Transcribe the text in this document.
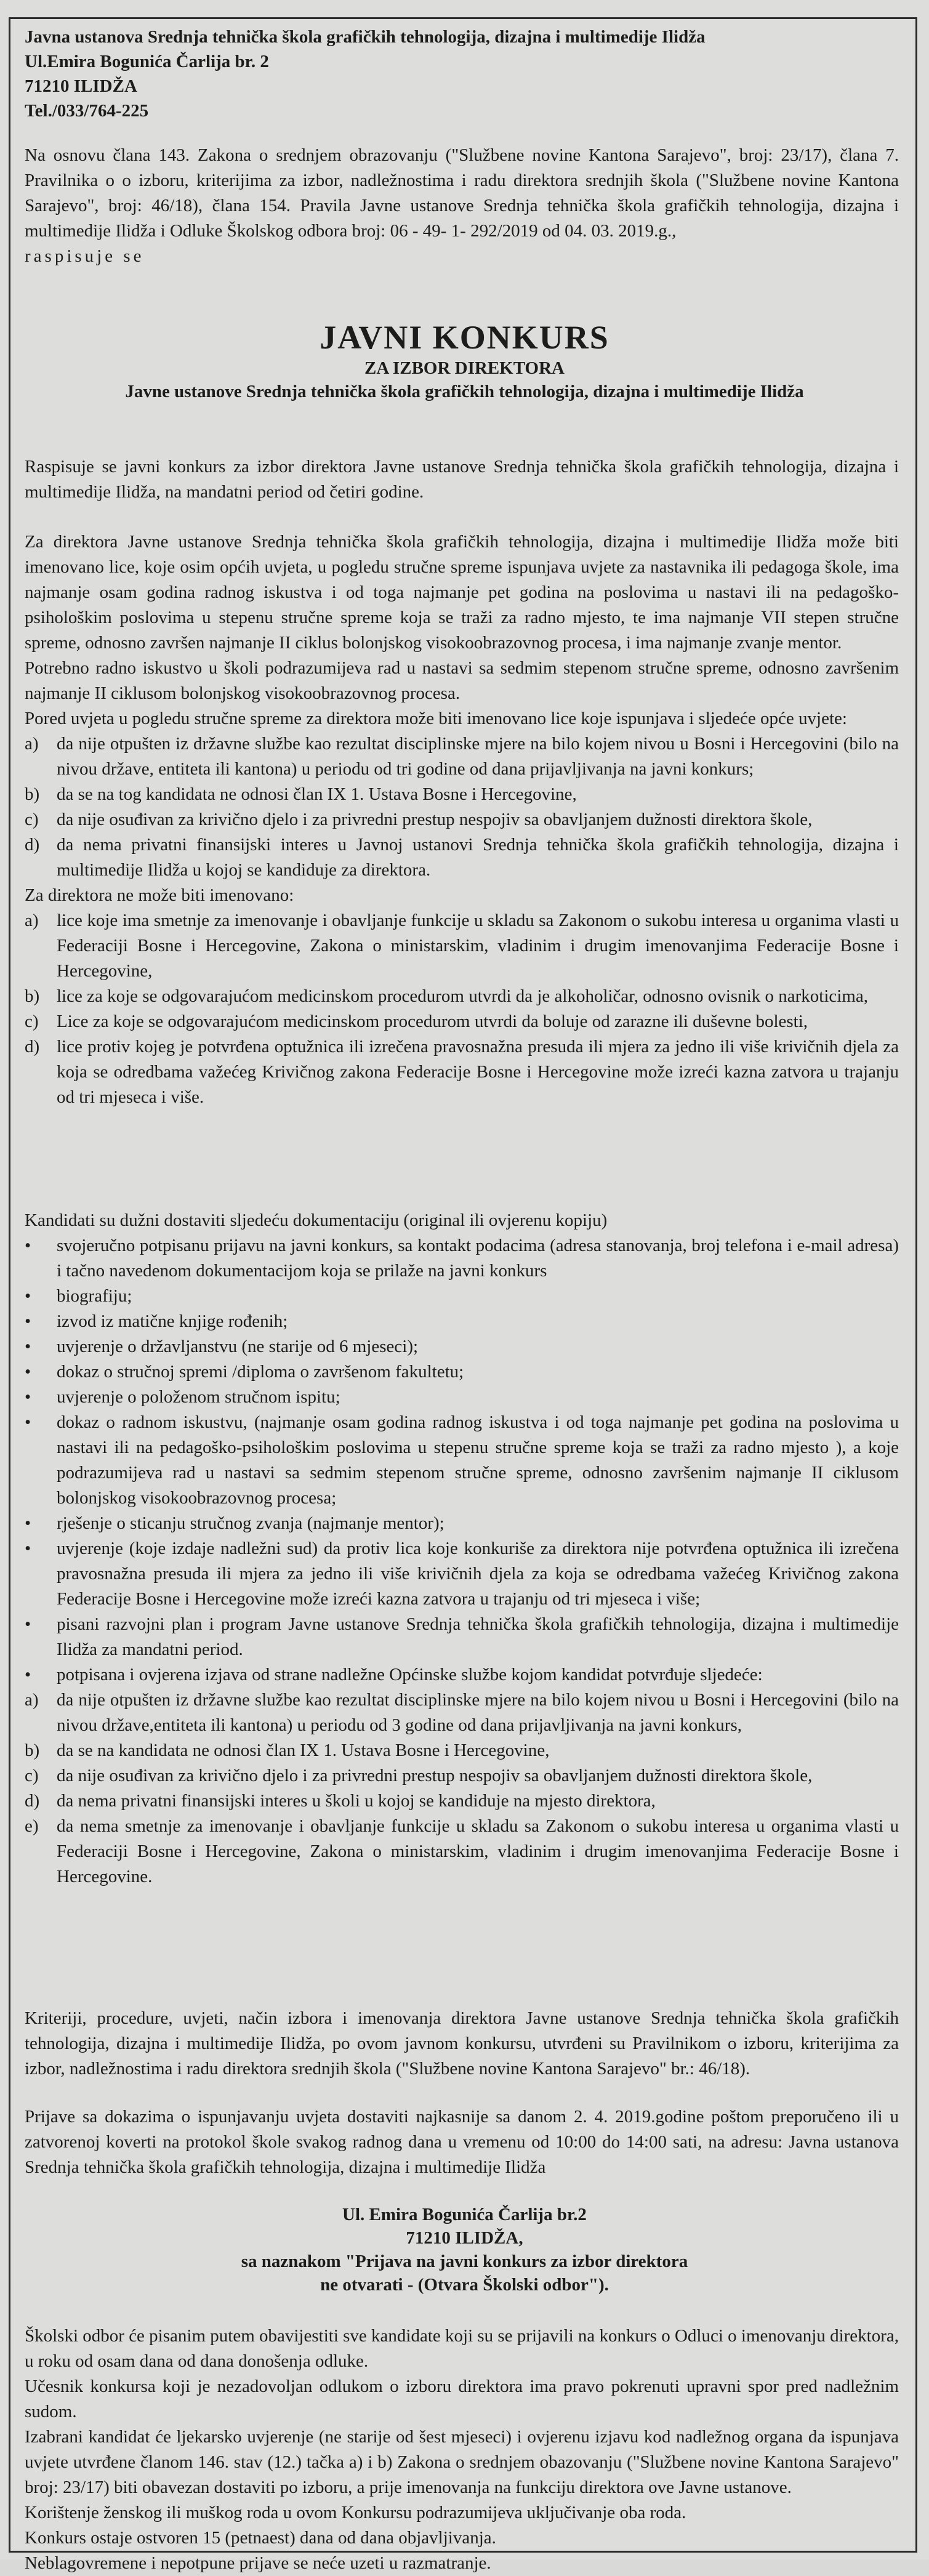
Javna ustanova Srednja tehnička škola grafičkih tehnologija, dizajna i multimedije Ilidža
Ul.Emira Bogunića Čarlija br. 2
71210 ILIDŽA
Tel./033/764-225

Na osnovu člana 143. Zakona o srednjem obrazovanju ("Službene novine Kantona Sarajevo", broj: 23/17), člana 7. Pravilnika o o izboru, kriterijima za izbor, nadležnostima i radu direktora srednjih škola ("Službene novine Kantona Sarajevo", broj: 46/18), člana 154. Pravila Javne ustanove Srednja tehnička škola grafičkih tehnologija, dizajna i multimedije Ilidža i Odluke Školskog odbora broj: 06 - 49- 1- 292/2019 od 04. 03. 2019.g.,

raspisuje se

JAVNI KONKURS
ZA IZBOR DIREKTORA
Javne ustanove Srednja tehnička škola grafičkih tehnologija, dizajna i multimedije Ilidža

Raspisuje se javni konkurs za izbor direktora Javne ustanove Srednja tehnička škola grafičkih tehnologija, dizajna i multimedije Ilidža, na mandatni period od četiri godine.

Za direktora Javne ustanove Srednja tehnička škola grafičkih tehnologija, dizajna i multimedije Ilidža može biti imenovano lice, koje osim općih uvjeta, u pogledu stručne spreme ispunjava uvjete za nastavnika ili pedagoga škole, ima najmanje osam godina radnog iskustva i od toga najmanje pet godina na poslovima u nastavi ili na pedagoško-psihološkim poslovima u stepenu stručne spreme koja se traži za radno mjesto, te ima najmanje VII stepen stručne spreme, odnosno završen najmanje II ciklus bolonjskog visokoobrazovnog procesa, i ima najmanje zvanje mentor.

Potrebno radno iskustvo u školi podrazumijeva rad u nastavi sa sedmim stepenom stručne spreme, odnosno završenim najmanje II ciklusom bolonjskog visokoobrazovnog procesa.

Pored uvjeta u pogledu stručne spreme za direktora može biti imenovano lice koje ispunjava i sljedeće opće uvjete:

a)	da nije otpušten iz državne službe kao rezultat disciplinske mjere na bilo kojem nivou u Bosni i Hercegovini (bilo na nivou države, entiteta ili kantona) u periodu od tri godine od dana prijavljivanja na javni konkurs;
b) da se na tog kandidata ne odnosi član IX 1. Ustava Bosne i Hercegovine,
c)	da nije osuđivan za krivično djelo i za privredni prestup nespojiv sa obavljanjem dužnosti direktora škole,
d) da nema privatni finansijski interes u Javnoj ustanovi Srednja tehnička škola grafičkih tehnologija, dizajna i multimedije Ilidža u kojoj se kandiduje za direktora.

Za direktora ne može biti imenovano:

a)	lice koje ima smetnje za imenovanje i obavljanje funkcije u skladu sa Zakonom o sukobu interesa u organima vlasti u Federaciji Bosne i Hercegovine, Zakona o ministarskim, vladinim i drugim imenovanjima Federacije Bosne i Hercegovine,
b) lice za koje se odgovarajućom medicinskom procedurom utvrdi da je alkoholičar, odnosno ovisnik o narkoticima,
c)	Lice za koje se odgovarajućom medicinskom procedurom utvrdi da boluje od zarazne ili duševne bolesti,
d) lice protiv kojeg je potvrđena optužnica ili izrečena pravosnažna presuda ili mjera za jedno ili više krivičnih djela za koja se odredbama važećeg Krivičnog zakona Federacije Bosne i Hercegovine može izreći kazna zatvora u trajanju od tri mjeseca i više.

Kandidati su dužni dostaviti sljedeću dokumentaciju (original ili ovjerenu kopiju)

•	svojeručno potpisanu prijavu na javni konkurs, sa kontakt podacima (adresa stanovanja, broj telefona i e-mail adresa) i tačno navedenom dokumentacijom koja se prilaže na javni konkurs
•	biografiju;
•	izvod iz matične knjige rođenih;
•	uvjerenje o državljanstvu (ne starije od 6 mjeseci);
•	dokaz o stručnoj spremi /diploma o završenom fakultetu;
•	uvjerenje o položenom stručnom ispitu;
•	dokaz o radnom iskustvu, (najmanje osam godina radnog iskustva i od toga najmanje pet godina na poslovima u nastavi ili na pedagoško-psihološkim poslovima u stepenu stručne spreme koja se traži za radno mjesto ), a koje podrazumijeva rad u nastavi sa sedmim stepenom stručne spreme, odnosno završenim najmanje II ciklusom bolonjskog visokoobrazovnog procesa;
•	rješenje o sticanju stručnog zvanja (najmanje mentor);
•	uvjerenje (koje izdaje nadležni sud) da protiv lica koje konkuriše za direktora nije potvrđena optužnica ili izrečena pravosnažna presuda ili mjera za jedno ili više krivičnih djela za koja se odredbama važećeg Krivičnog zakona Federacije Bosne i Hercegovine može izreći kazna zatvora u trajanju od tri mjeseca i više;
•	pisani razvojni plan i program Javne ustanove Srednja tehnička škola grafičkih tehnologija, dizajna i multimedije Ilidža za mandatni period.
•	potpisana i ovjerena izjava od strane nadležne Općinske službe kojom kandidat potvrđuje sljedeće:
a)	da nije otpušten iz državne službe kao rezultat disciplinske mjere na bilo kojem nivou u Bosni i Hercegovini (bilo na nivou države,entiteta ili kantona) u periodu od 3 godine od dana prijavljivanja na javni konkurs,
b) da se na kandidata ne odnosi član IX 1. Ustava Bosne i Hercegovine,
c)	da nije osuđivan za krivično djelo i za privredni prestup nespojiv sa obavljanjem dužnosti direktora škole,
d) da nema privatni finansijski interes u školi u kojoj se kandiduje na mjesto direktora,
e)	da nema smetnje za imenovanje i obavljanje funkcije u skladu sa Zakonom o sukobu interesa u organima vlasti u Federaciji Bosne i Hercegovine, Zakona o ministarskim, vladinim i drugim imenovanjima Federacije Bosne i Hercegovine.

Kriteriji, procedure, uvjeti, način izbora i imenovanja direktora Javne ustanove Srednja tehnička škola grafičkih tehnologija, dizajna i multimedije Ilidža, po ovom javnom konkursu, utvrđeni su Pravilnikom o izboru, kriterijima za izbor, nadležnostima i radu direktora srednjih škola ("Službene novine Kantona Sarajevo" br.: 46/18).

Prijave sa dokazima o ispunjavanju uvjeta dostaviti najkasnije sa danom 2. 4. 2019.godine poštom preporučeno ili u zatvorenoj koverti na protokol škole svakog radnog dana u vremenu od 10:00 do 14:00 sati, na adresu: Javna ustanova Srednja tehnička škola grafičkih tehnologija, dizajna i multimedije Ilidža

Ul. Emira Bogunića Čarlija br.2
71210 ILIDŽA,
sa naznakom "Prijava na javni konkurs za izbor direktora
ne otvarati - (Otvara Školski odbor").

Školski odbor će pisanim putem obavijestiti sve kandidate koji su se prijavili na konkurs o Odluci o imenovanju direktora, u roku od osam dana od dana donošenja odluke.

Učesnik konkursa koji je nezadovoljan odlukom o izboru direktora ima pravo pokrenuti upravni spor pred nadležnim sudom.

Izabrani kandidat će ljekarsko uvjerenje (ne starije od šest mjeseci) i ovjerenu izjavu kod nadležnog organa da ispunjava uvjete utvrđene članom 146. stav (12.) tačka a) i b) Zakona o srednjem obazovanju ("Službene novine Kantona Sarajevo" broj: 23/17) biti obavezan dostaviti po izboru, a prije imenovanja na funkciju direktora ove Javne ustanove.

Korištenje ženskog ili muškog roda u ovom Konkursu podrazumijeva uključivanje oba roda.

Konkurs ostaje ostvoren 15 (petnaest) dana od dana objavljivanja.

Neblagovremene i nepotpune prijave se neće uzeti u razmatranje.
